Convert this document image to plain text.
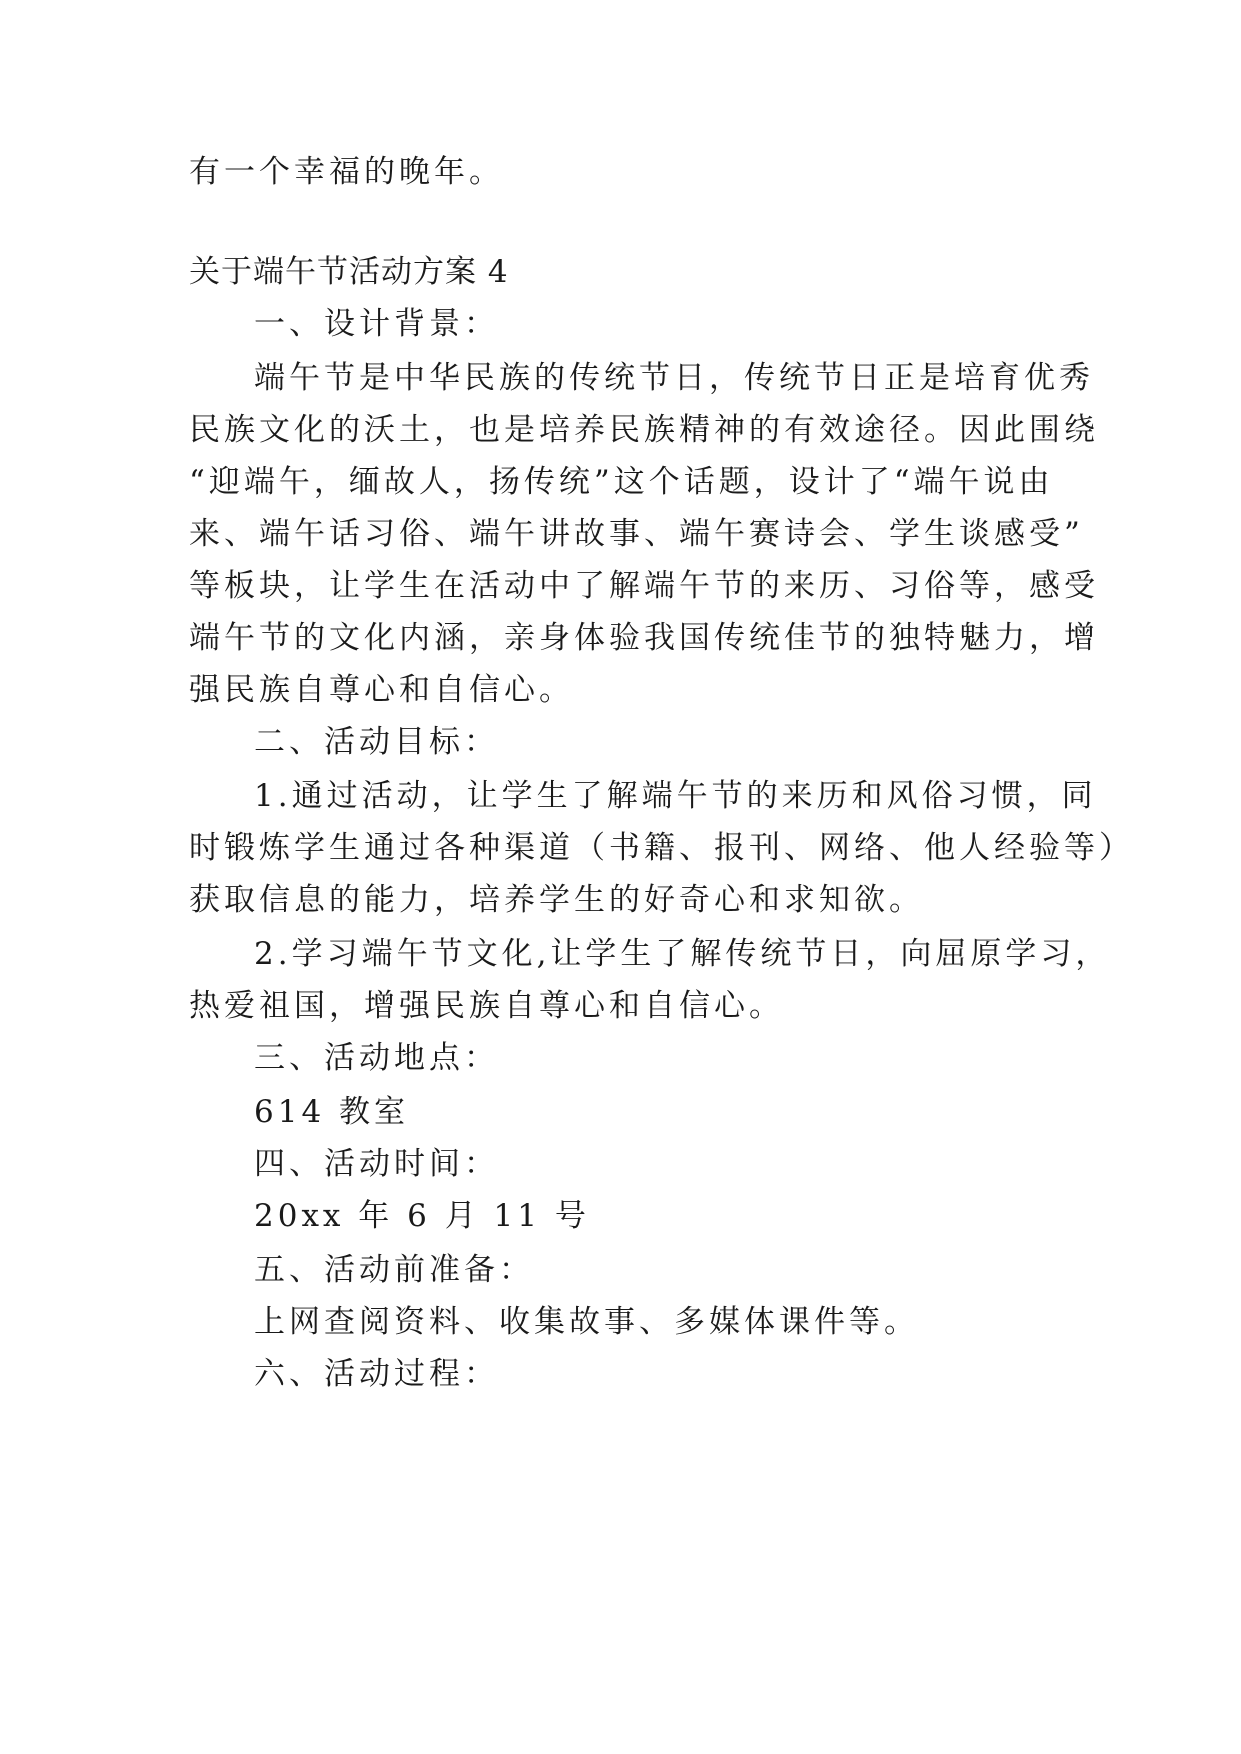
有一个幸福的晚年。
关于端午节活动方案 4
一、设计背景：
端午节是中华民族的传统节日，传统节日正是培育优秀
民族文化的沃土，也是培养民族精神的有效途径。因此围绕
“迎端午，缅故人，扬传统”这个话题，设计了“端午说由
来、端午话习俗、端午讲故事、端午赛诗会、学生谈感受”
等板块，让学生在活动中了解端午节的来历、习俗等，感受
端午节的文化内涵，亲身体验我国传统佳节的独特魅力，增
强民族自尊心和自信心。
二、活动目标：
1.通过活动，让学生了解端午节的来历和风俗习惯，同
时锻炼学生通过各种渠道（书籍、报刊、网络、他人经验等）
获取信息的能力，培养学生的好奇心和求知欲。
2.学习端午节文化,让学生了解传统节日，向屈原学习，
热爱祖国，增强民族自尊心和自信心。
三、活动地点：
614 教室
四、活动时间：
20xx 年 6 月 11 号
五、活动前准备：
上网查阅资料、收集故事、多媒体课件等。
六、活动过程：
